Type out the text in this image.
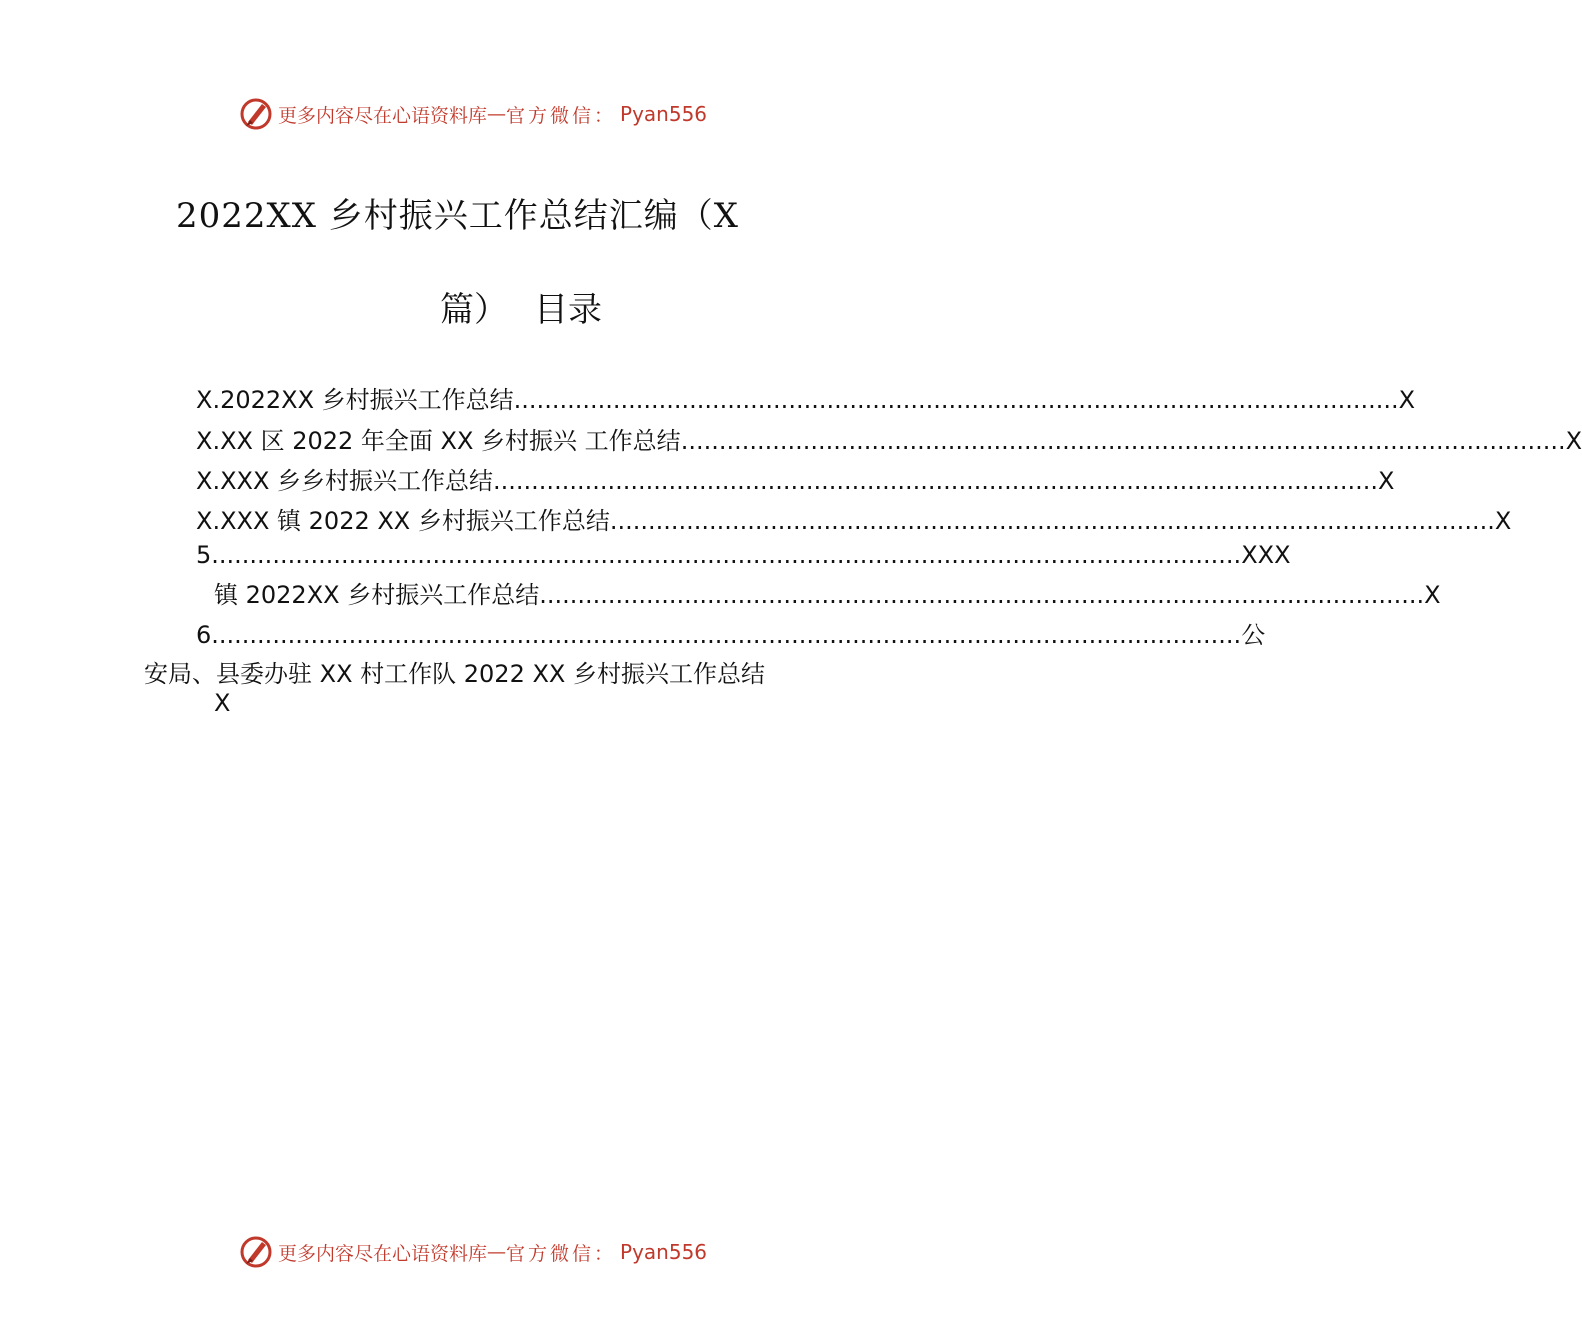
更多内容尽在心语资料库 — 官方微信： Pyan556
2022XX 乡村振兴工作总结汇编（X
篇） 目录
X.2022XX 乡村振兴工作总结 .................................................................................................................... X
X.XX 区 2022 年全面 XX 乡村振兴 工作总结 .................................................................................................................... X
X.XXX 乡乡村振兴工作总结 .................................................................................................................... X
X.XXX 镇 2022 XX 乡村振兴工作总结 .................................................................................................................... X
5 ....................................................................................................................................... XXX
镇 2022XX 乡村振兴工作总结 .................................................................................................................... X
6 ....................................................................................................................................... 公
安局、县委办驻 XX 村工作队 2022 XX 乡村振兴工作总结
X
更多内容尽在心语资料库 — 官方微信： Pyan556
